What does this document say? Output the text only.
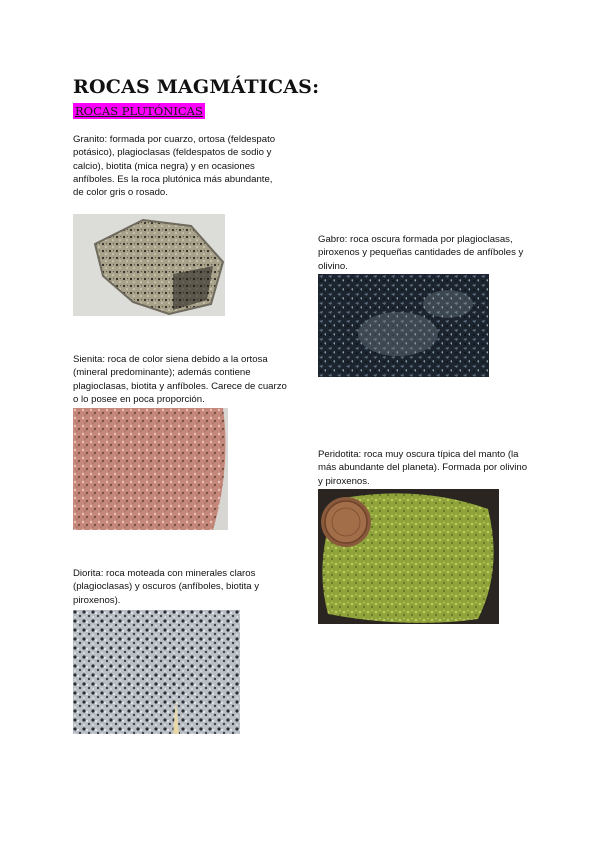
ROCAS MAGMÁTICAS:
ROCAS PLUTÓNICAS

Granito: formada por cuarzo, ortosa (feldespato potásico), plagioclasas (feldespatos de sodio y calcio), biotita (mica negra) y en ocasiones anfíboles. Es la roca plutónica más abundante, de color gris o rosado.

Gabro: roca oscura formada por plagioclasas, piroxenos y pequeñas cantidades de anfíboles y olivino.

Sienita: roca de color siena debido a la ortosa (mineral predominante); además contiene plagioclasas, biotita y anfíboles. Carece de cuarzo o lo posee en poca proporción.

Peridotita: roca muy oscura típica del manto (la más abundante del planeta). Formada por olivino y piroxenos.

Diorita: roca moteada con minerales claros (plagioclasas) y oscuros (anfíboles, biotita y piroxenos).
